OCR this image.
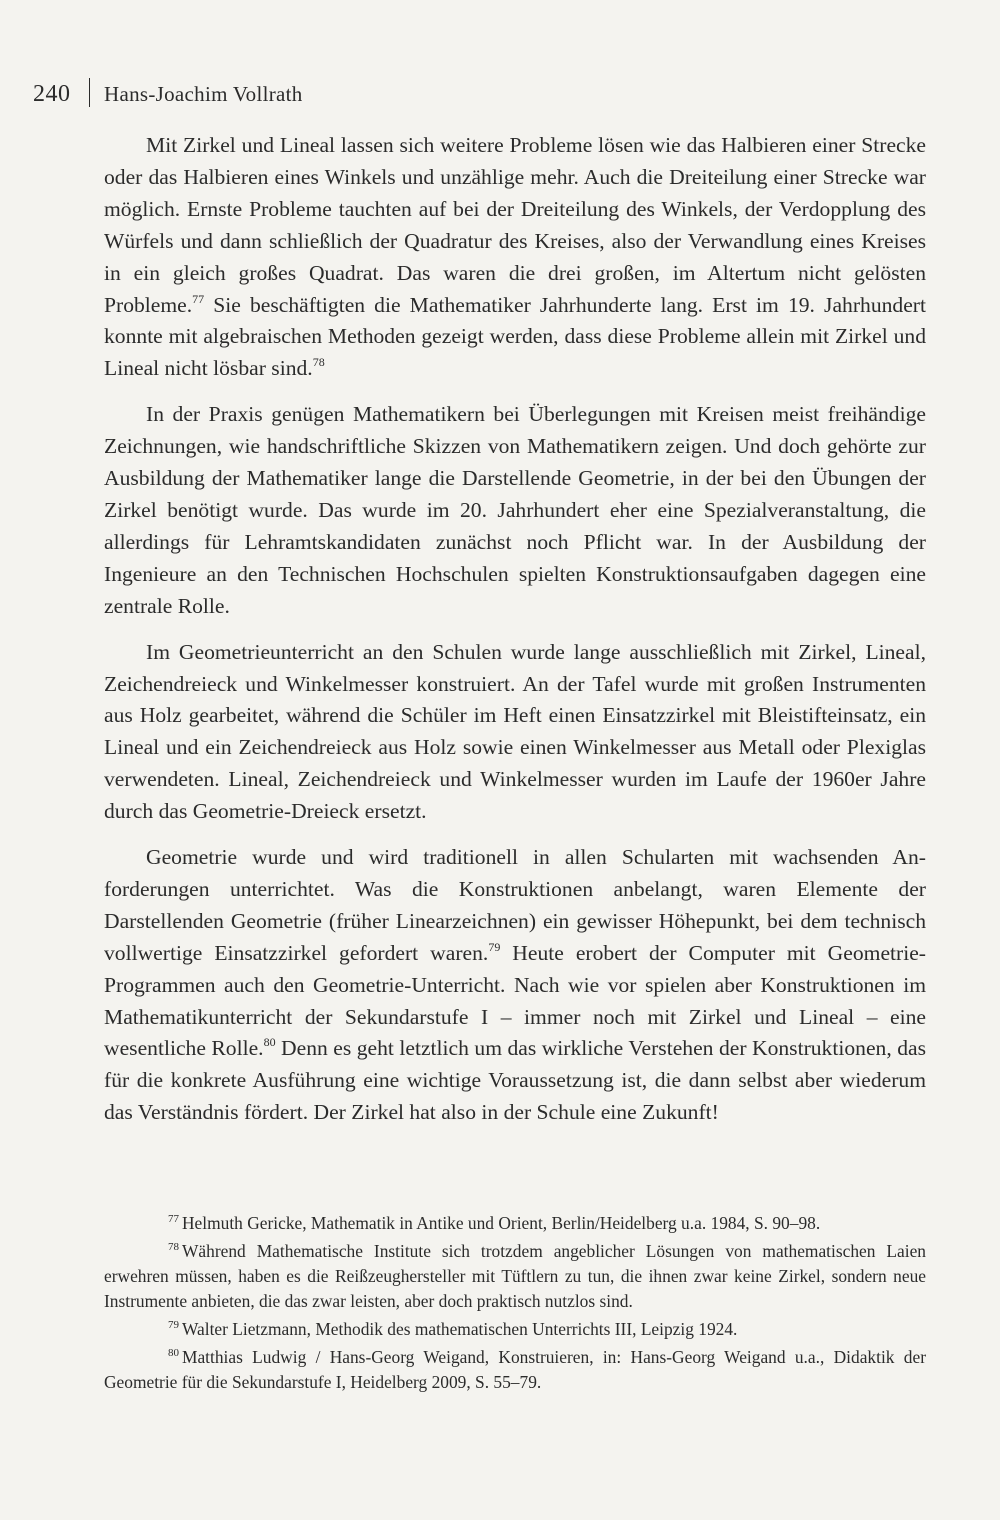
240 Hans-Joachim Vollrath

Mit Zirkel und Lineal lassen sich weitere Probleme lösen wie das Halbieren einer Strecke oder das Halbieren eines Winkels und unzählige mehr. Auch die Dreiteilung einer Strecke war möglich. Ernste Probleme tauchten auf bei der Dreiteilung des Winkels, der Verdopplung des Würfels und dann schließlich der Quadratur des Kreises, also der Verwandlung eines Kreises in ein gleich großes Quadrat. Das waren die drei großen, im Altertum nicht gelösten Probleme.$^{77}$ Sie beschäftigten die Mathematiker Jahrhunderte lang. Erst im 19. Jahrhundert konnte mit algebraischen Methoden gezeigt werden, dass diese Probleme allein mit Zirkel und Lineal nicht lösbar sind.$^{78}$

In der Praxis genügen Mathematikern bei Überlegungen mit Kreisen meist freihändige Zeichnungen, wie handschriftliche Skizzen von Mathematikern zeigen. Und doch gehörte zur Ausbildung der Mathematiker lange die Darstellende Geometrie, in der bei den Übungen der Zirkel benötigt wurde. Das wurde im 20. Jahrhundert eher eine Spezialveranstaltung, die allerdings für Lehramtskandidaten zunächst noch Pflicht war. In der Ausbildung der Ingenieure an den Technischen Hochschulen spielten Konstruktionsaufgaben dagegen eine zentrale Rolle.

Im Geometrieunterricht an den Schulen wurde lange ausschließlich mit Zirkel, Lineal, Zeichendreieck und Winkelmesser konstruiert. An der Tafel wurde mit großen Instrumenten aus Holz gearbeitet, während die Schüler im Heft einen Einsatzzirkel mit Bleistifteinsatz, ein Lineal und ein Zeichendreieck aus Holz sowie einen Winkelmesser aus Metall oder Plexiglas verwendeten. Lineal, Zeichendreieck und Winkelmesser wurden im Laufe der 1960er Jahre durch das Geometrie-Dreieck ersetzt.

Geometrie wurde und wird traditionell in allen Schularten mit wachsenden Anforderungen unterrichtet. Was die Konstruktionen anbelangt, waren Elemente der Darstellenden Geometrie (früher Linearzeichnen) ein gewisser Höhepunkt, bei dem technisch vollwertige Einsatzzirkel gefordert waren.$^{79}$ Heute erobert der Computer mit Geometrie-Programmen auch den Geometrie-Unterricht. Nach wie vor spielen aber Konstruktionen im Mathematikunterricht der Sekundarstufe I – immer noch mit Zirkel und Lineal – eine wesentliche Rolle.$^{80}$ Denn es geht letztlich um das wirkliche Verstehen der Konstruktionen, das für die konkrete Ausführung eine wichtige Voraussetzung ist, die dann selbst aber wiederum das Verständnis fördert. Der Zirkel hat also in der Schule eine Zukunft!

77 Helmuth Gericke, Mathematik in Antike und Orient, Berlin/Heidelberg u.a. 1984, S. 90–98.

78 Während Mathematische Institute sich trotzdem angeblicher Lösungen von mathematischen Laien erwehren müssen, haben es die Reißzeughersteller mit Tüftlern zu tun, die ihnen zwar keine Zirkel, sondern neue Instrumente anbieten, die das zwar leisten, aber doch praktisch nutzlos sind.

79 Walter Lietzmann, Methodik des mathematischen Unterrichts III, Leipzig 1924.

80 Matthias Ludwig / Hans-Georg Weigand, Konstruieren, in: Hans-Georg Weigand u.a., Didaktik der Geometrie für die Sekundarstufe I, Heidelberg 2009, S. 55–79.
